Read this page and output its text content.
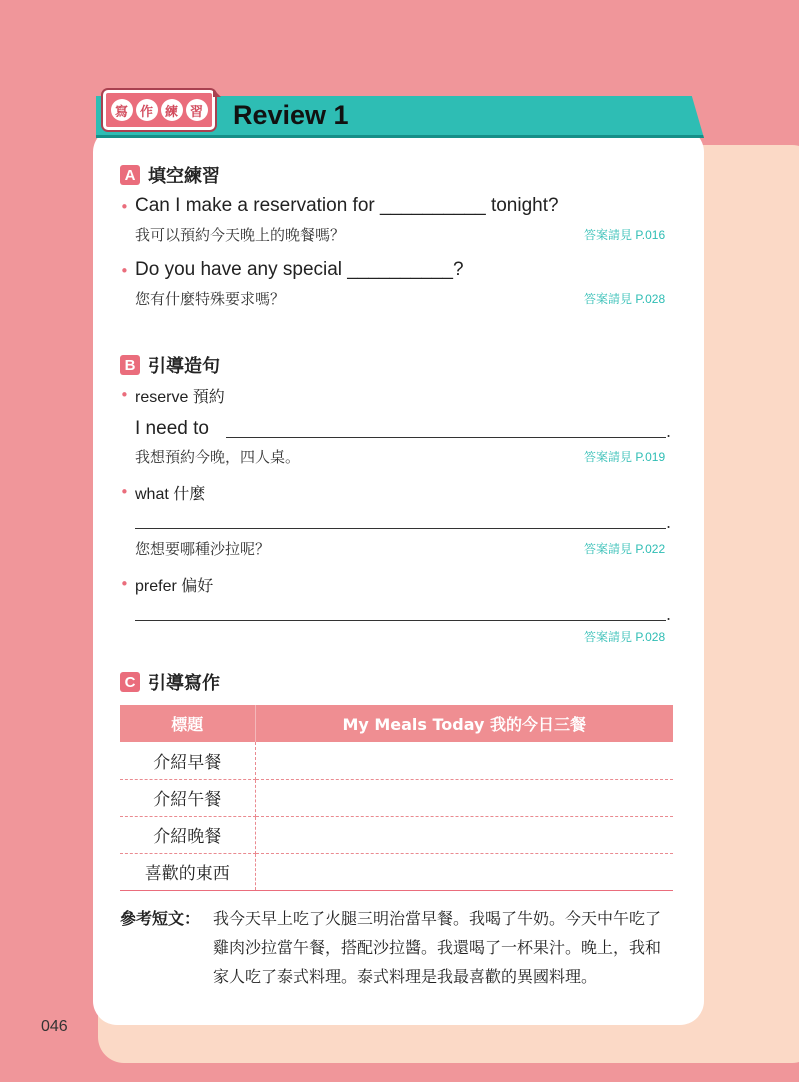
寫 作 練 習 Review 1
A 填空練習
• Can I make a reservation for __________ tonight?
我可以預約今天晚上的晚餐嗎？	答案請見 P.016
• Do you have any special __________?
您有什麼特殊要求嗎？	答案請見 P.028
B 引導造句
• reserve 預約
I need to	.
我想預約今晚，四人桌。	答案請見 P.019
• what 什麼
.
您想要哪種沙拉呢？	答案請見 P.022
• prefer 偏好
.
答案請見 P.028
C 引導寫作
標題	My Meals Today 我的今日三餐
介紹早餐	
介紹午餐	
介紹晚餐	
喜歡的東西	
參考短文： 我今天早上吃了火腿三明治當早餐。我喝了牛奶。今天中午吃了雞肉沙拉當午餐，搭配沙拉醬。我還喝了一杯果汁。晚上，我和家人吃了泰式料理。泰式料理是我最喜歡的異國料理。
046
